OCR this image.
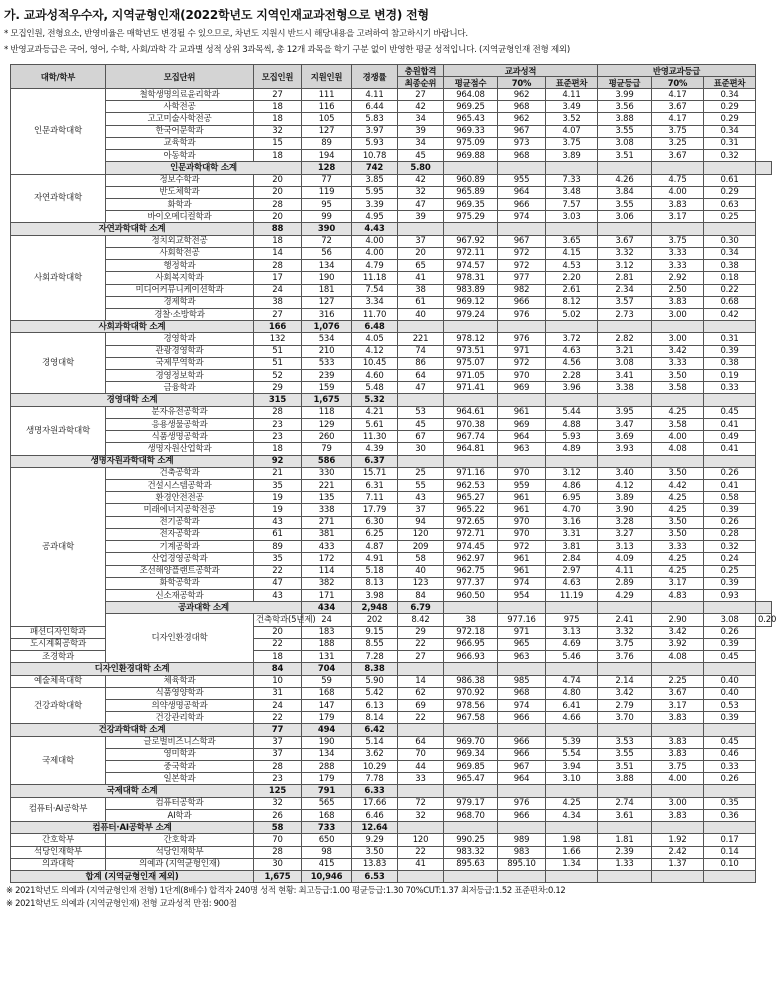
가. 교과성적우수자, 지역균형인재(2022학년도 지역인재교과전형으로 변경) 전형
* 모집인원, 전형요소, 반영비율은 매학년도 변경될 수 있으므로, 차년도 지원시 반드시 해당내용을 고려하여 참고하시기 바랍니다.
* 반영교과등급은 국어, 영어, 수학, 사회/과학 각 교과별 성적 상위 3과목씩, 총 12개 과목을 학기 구분 없이 반영한 평균 성적입니다. (지역균형인재 전형 제외)
대학/학부	모집단위	모집인원	지원인원	경쟁률	충원합격	교과성적			반영교과등급			
					최종순위	평균점수	70%	표준편차	평균등급	70%	표준편차	
인문과학대학	철학생명의료윤리학과	27	111	4.11	27	964.08	962	4.11	3.99	4.17	0.34	
	사학전공	18	116	6.44	42	969.25	968	3.49	3.56	3.67	0.29	
	고고미술사학전공	18	105	5.83	34	965.43	962	3.52	3.88	4.17	0.29	
	한국어문학과	32	127	3.97	39	969.33	967	4.07	3.55	3.75	0.34	
	교육학과	15	89	5.93	34	975.09	973	3.75	3.08	3.25	0.31	
	아동학과	18	194	10.78	45	969.88	968	3.89	3.51	3.67	0.32	
	인문과학대학 소계		128	742	5.80							
자연과학대학	정보수학과	20	77	3.85	42	960.89	955	7.33	4.26	4.75	0.61	
	반도체학과	20	119	5.95	32	965.89	964	3.48	3.84	4.00	0.29	
	화학과	28	95	3.39	47	969.35	966	7.57	3.55	3.83	0.63	
	바이오메디컬학과	20	99	4.95	39	975.29	974	3.03	3.06	3.17	0.25	
자연과학대학 소계		88	390	4.43								
사회과학대학	정치외교학전공	18	72	4.00	37	967.92	967	3.65	3.67	3.75	0.30	
	사회학전공	14	56	4.00	20	972.11	972	4.15	3.32	3.33	0.34	
	행정학과	28	134	4.79	65	974.57	972	4.53	3.12	3.33	0.38	
	사회복지학과	17	190	11.18	41	978.31	977	2.20	2.81	2.92	0.18	
	미디어커뮤니케이션학과	24	181	7.54	38	983.89	982	2.61	2.34	2.50	0.22	
	경제학과	38	127	3.34	61	969.12	966	8.12	3.57	3.83	0.68	
	경찰·소방학과	27	316	11.70	40	979.24	976	5.02	2.73	3.00	0.42	
사회과학대학 소계		166	1,076	6.48								
경영대학	경영학과	132	534	4.05	221	978.12	976	3.72	2.82	3.00	0.31	
	관광경영학과	51	210	4.12	74	973.51	971	4.63	3.21	3.42	0.39	
	국제무역학과	51	533	10.45	86	975.07	972	4.56	3.08	3.33	0.38	
	경영정보학과	52	239	4.60	64	971.05	970	2.28	3.41	3.50	0.19	
	금융학과	29	159	5.48	47	971.41	969	3.96	3.38	3.58	0.33	
경영대학 소계		315	1,675	5.32								
생명자원과학대학	분자유전공학과	28	118	4.21	53	964.61	961	5.44	3.95	4.25	0.45	
	응용생물공학과	23	129	5.61	45	970.38	969	4.88	3.47	3.58	0.41	
	식품생명공학과	23	260	11.30	67	967.74	964	5.93	3.69	4.00	0.49	
	생명자원산업학과	18	79	4.39	30	964.81	963	4.89	3.93	4.08	0.41	
생명자원과학대학 소계		92	586	6.37								
공과대학	건축공학과	21	330	15.71	25	971.16	970	3.12	3.40	3.50	0.26	
	건설시스템공학과	35	221	6.31	55	962.53	959	4.86	4.12	4.42	0.41	
	환경안전전공	19	135	7.11	43	965.27	961	6.95	3.89	4.25	0.58	
	미래에너지공학전공	19	338	17.79	37	965.22	961	4.70	3.90	4.25	0.39	
	전기공학과	43	271	6.30	94	972.65	970	3.16	3.28	3.50	0.26	
	전자공학과	61	381	6.25	120	972.71	970	3.31	3.27	3.50	0.28	
	기계공학과	89	433	4.87	209	974.45	972	3.81	3.13	3.33	0.32	
	산업경영공학과	35	172	4.91	58	962.97	961	2.84	4.09	4.25	0.24	
	조선해양플랜트공학과	22	114	5.18	40	962.75	961	2.97	4.11	4.25	0.25	
	화학공학과	47	382	8.13	123	977.37	974	4.63	2.89	3.17	0.39	
	신소재공학과	43	171	3.98	84	960.50	954	11.19	4.29	4.83	0.93	
	공과대학 소계		434	2,948	6.79							
	디자인환경대학	건축학과(5년제)	24	202	8.42	38	977.16	975	2.41	2.90	3.08	0.20
패션디자인학과		20	183	9.15	29	972.18	971	3.13	3.32	3.42	0.26	
도시계획공학과		22	188	8.55	22	966.95	965	4.69	3.75	3.92	0.39	
조경학과		18	131	7.28	27	966.93	963	5.46	3.76	4.08	0.45	
디자인환경대학 소계		84	704	8.38								
예술체육대학	체육학과	10	59	5.90	14	986.38	985	4.74	2.14	2.25	0.40	
건강과학대학	식품영양학과	31	168	5.42	62	970.92	968	4.80	3.42	3.67	0.40	
	의약생명공학과	24	147	6.13	69	978.56	974	6.41	2.79	3.17	0.53	
	건강관리학과	22	179	8.14	22	967.58	966	4.66	3.70	3.83	0.39	
건강과학대학 소계		77	494	6.42								
국제대학	글로벌비즈니스학과	37	190	5.14	64	969.70	966	5.39	3.53	3.83	0.45	
	영미학과	37	134	3.62	70	969.34	966	5.54	3.55	3.83	0.46	
	중국학과	28	288	10.29	44	969.85	967	3.94	3.51	3.75	0.33	
	일본학과	23	179	7.78	33	965.47	964	3.10	3.88	4.00	0.26	
국제대학 소계		125	791	6.33								
컴퓨터·AI공학부	컴퓨터공학과	32	565	17.66	72	979.17	976	4.25	2.74	3.00	0.35	
	AI학과	26	168	6.46	32	968.70	966	4.34	3.61	3.83	0.36	
컴퓨터·AI공학부 소계		58	733	12.64								
간호학부	간호학과	70	650	9.29	120	990.25	989	1.98	1.81	1.92	0.17	
석당인재학부	석당인재학부	28	98	3.50	22	983.32	983	1.66	2.39	2.42	0.14	
의과대학	의예과 (지역균형인재)	30	415	13.83	41	895.63	895.10	1.34	1.33	1.37	0.10	
합계 (지역균형인재 제외)		1,675	10,946	6.53								
※ 2021학년도 의예과 (지역균형인재 전형) 1단계(8배수) 합격자 240명 성적 현황: 최고등급:1.00 평균등급:1.30 70%CUT:1.37 최저등급:1.52 표준편차:0.12
※ 2021학년도 의예과 (지역균형인재) 전형 교과성적 만점: 900점
